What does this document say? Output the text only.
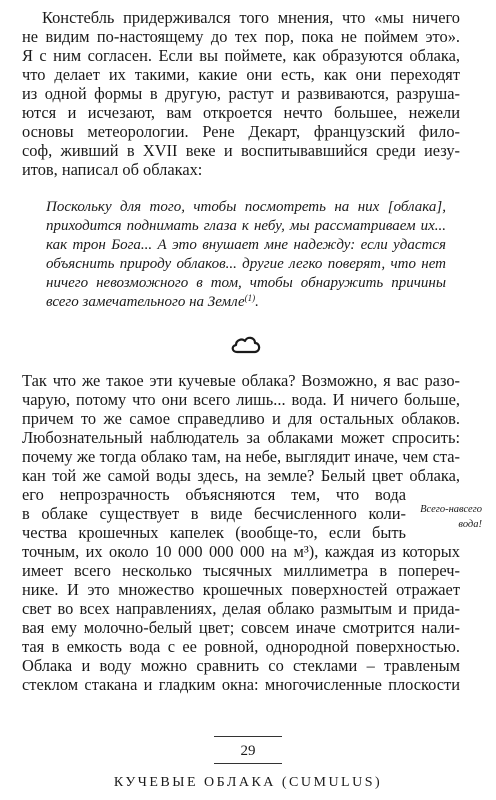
Констебль придерживался того мнения, что «мы ничего
не видим по-настоящему до тех пор, пока не поймем это».
Я с ним согласен. Если вы поймете, как образуются облака,
что делает их такими, какие они есть, как они переходят
из одной формы в другую, растут и развиваются, разруша-
ются и исчезают, вам откроется нечто большее, нежели
основы метеорологии. Рене Декарт, французский фило-
соф, живший в XVII веке и воспитывавшийся среди иезу-
итов, написал об облаках:
Поскольку для того, чтобы посмотреть на них [облака],
приходится поднимать глаза к небу, мы рассматриваем их...
как трон Бога... А это внушает мне надежду: если удастся
объяснить природу облаков... другие легко поверят, что нет
ничего невозможного в том, чтобы обнаружить причины
всего замечательного на Земле$^{(1)}$.
Так что же такое эти кучевые облака? Возможно, я вас разо-
чарую, потому что они всего лишь... вода. И ничего больше,
причем то же самое справедливо и для остальных облаков.
Любознательный наблюдатель за облаками может спросить:
почему же тогда облако там, на небе, выглядит иначе, чем ста-
кан той же самой воды здесь, на земле? Белый цвет облака,
его непрозрачность объясняются тем, что вода
в облаке существует в виде бесчисленного коли-
чества крошечных капелек (вообще-то, если быть
точным, их около 10 000 000 000 на м³), каждая из которых
имеет всего несколько тысячных миллиметра в попереч-
нике. И это множество крошечных поверхностей отражает
свет во всех направлениях, делая облако размытым и прида-
вая ему молочно-белый цвет; совсем иначе смотрится нали-
тая в емкость вода с ее ровной, однородной поверхностью.
Облака и воду можно сравнить со стеклами – травленым
стеклом стакана и гладким окна: многочисленные плоскости
Всего-навсего
вода!
29
КУЧЕВЫЕ ОБЛАКА (CUMULUS)
